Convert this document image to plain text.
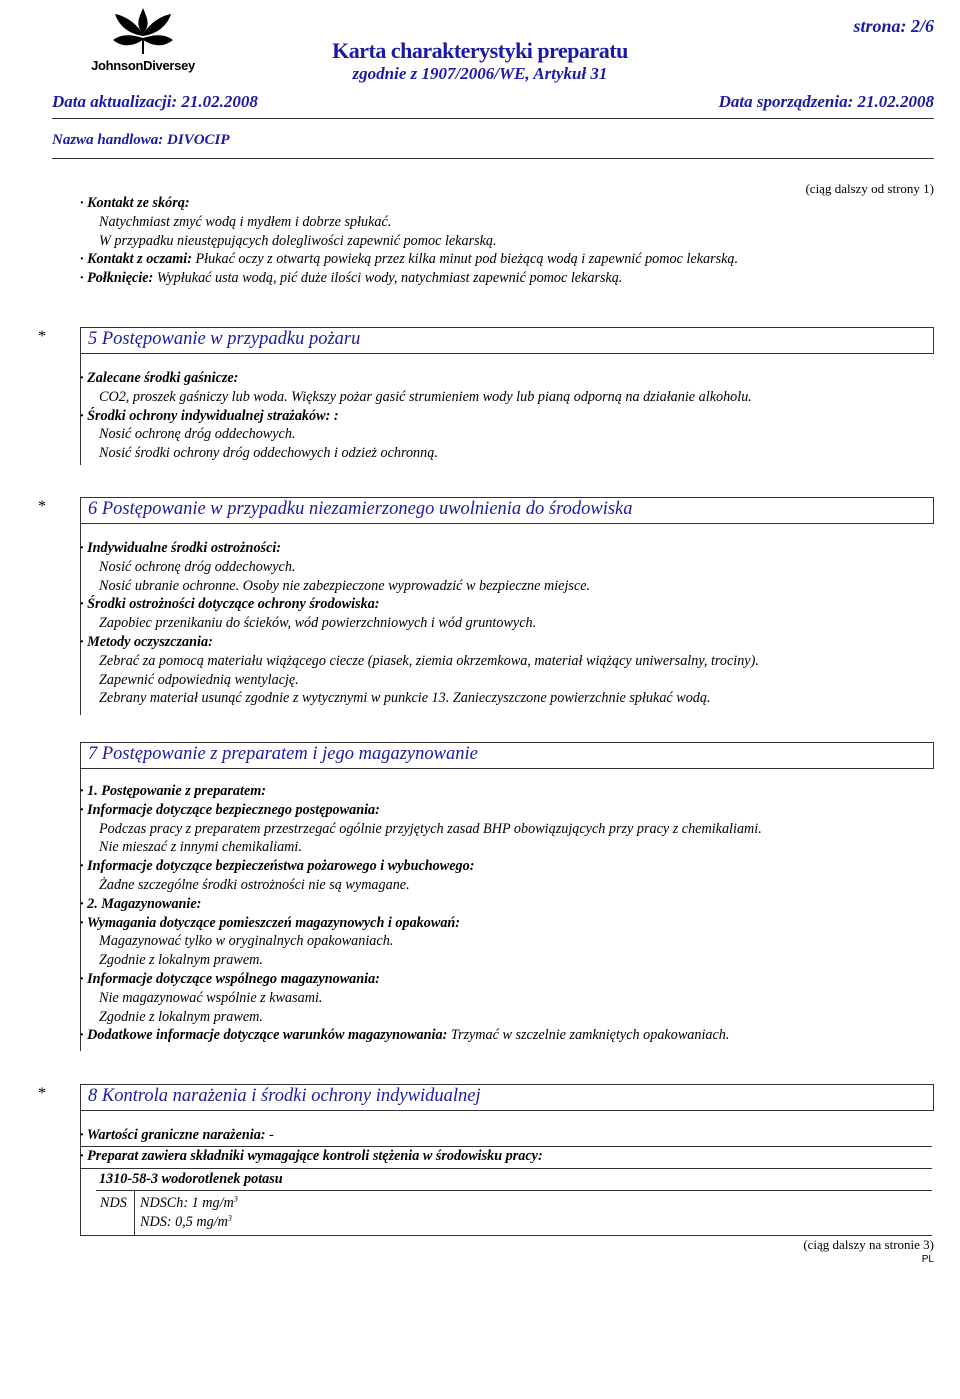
JohnsonDiversey
strona: 2/6
Karta charakterystyki preparatu
zgodnie z 1907/2006/WE, Artykuł 31
Data aktualizacji: 21.02.2008	Data sporządzenia: 21.02.2008
Nazwa handlowa: DIVOCIP
(ciąg dalszy od strony 1)
· Kontakt ze skórą:
Natychmiast zmyć wodą i mydłem i dobrze spłukać.
W przypadku nieustępujących dolegliwości zapewnić pomoc lekarską.
· Kontakt z oczami: Płukać oczy z otwartą powieką przez kilka minut pod bieżącą wodą i zapewnić pomoc lekarską.
· Połknięcie: Wypłukać usta wodą, pić duże ilości wody, natychmiast zapewnić pomoc lekarską.
* 5 Postępowanie w przypadku pożaru
· Zalecane środki gaśnicze:
CO2, proszek gaśniczy lub woda. Większy pożar gasić strumieniem wody lub pianą odporną na działanie alkoholu.
· Środki ochrony indywidualnej strażaków: :
Nosić ochronę dróg oddechowych.
Nosić środki ochrony dróg oddechowych i odzież ochronną.
* 6 Postępowanie w przypadku niezamierzonego uwolnienia do środowiska
· Indywidualne środki ostrożności:
Nosić ochronę dróg oddechowych.
Nosić ubranie ochronne. Osoby nie zabezpieczone wyprowadzić w bezpieczne miejsce.
· Środki ostrożności dotyczące ochrony środowiska:
Zapobiec przenikaniu do ścieków, wód powierzchniowych i wód gruntowych.
· Metody oczyszczania:
Zebrać za pomocą materiału wiążącego ciecze (piasek, ziemia okrzemkowa, materiał wiążący uniwersalny, trociny).
Zapewnić odpowiednią wentylację.
Zebrany materiał usunąć zgodnie z wytycznymi w punkcie 13. Zanieczyszczone powierzchnie spłukać wodą.
7 Postępowanie z preparatem i jego magazynowanie
· 1. Postępowanie z preparatem:
· Informacje dotyczące bezpiecznego postępowania:
Podczas pracy z preparatem przestrzegać ogólnie przyjętych zasad BHP obowiązujących przy pracy z chemikaliami.
Nie mieszać z innymi chemikaliami.
· Informacje dotyczące bezpieczeństwa pożarowego i wybuchowego:
Żadne szczególne środki ostrożności nie są wymagane.
· 2. Magazynowanie:
· Wymagania dotyczące pomieszczeń magazynowych i opakowań:
Magazynować tylko w oryginalnych opakowaniach.
Zgodnie z lokalnym prawem.
· Informacje dotyczące wspólnego magazynowania:
Nie magazynować wspólnie z kwasami.
Zgodnie z lokalnym prawem.
· Dodatkowe informacje dotyczące warunków magazynowania: Trzymać w szczelnie zamkniętych opakowaniach.
* 8 Kontrola narażenia i środki ochrony indywidualnej
· Wartości graniczne narażenia: -
· Preparat zawiera składniki wymagające kontroli stężenia w środowisku pracy:
1310-58-3 wodorotlenek potasu
NDS NDSCh: 1 $mg/m^3$
NDS: 0,5 $mg/m^3$
(ciąg dalszy na stronie 3)
PL
